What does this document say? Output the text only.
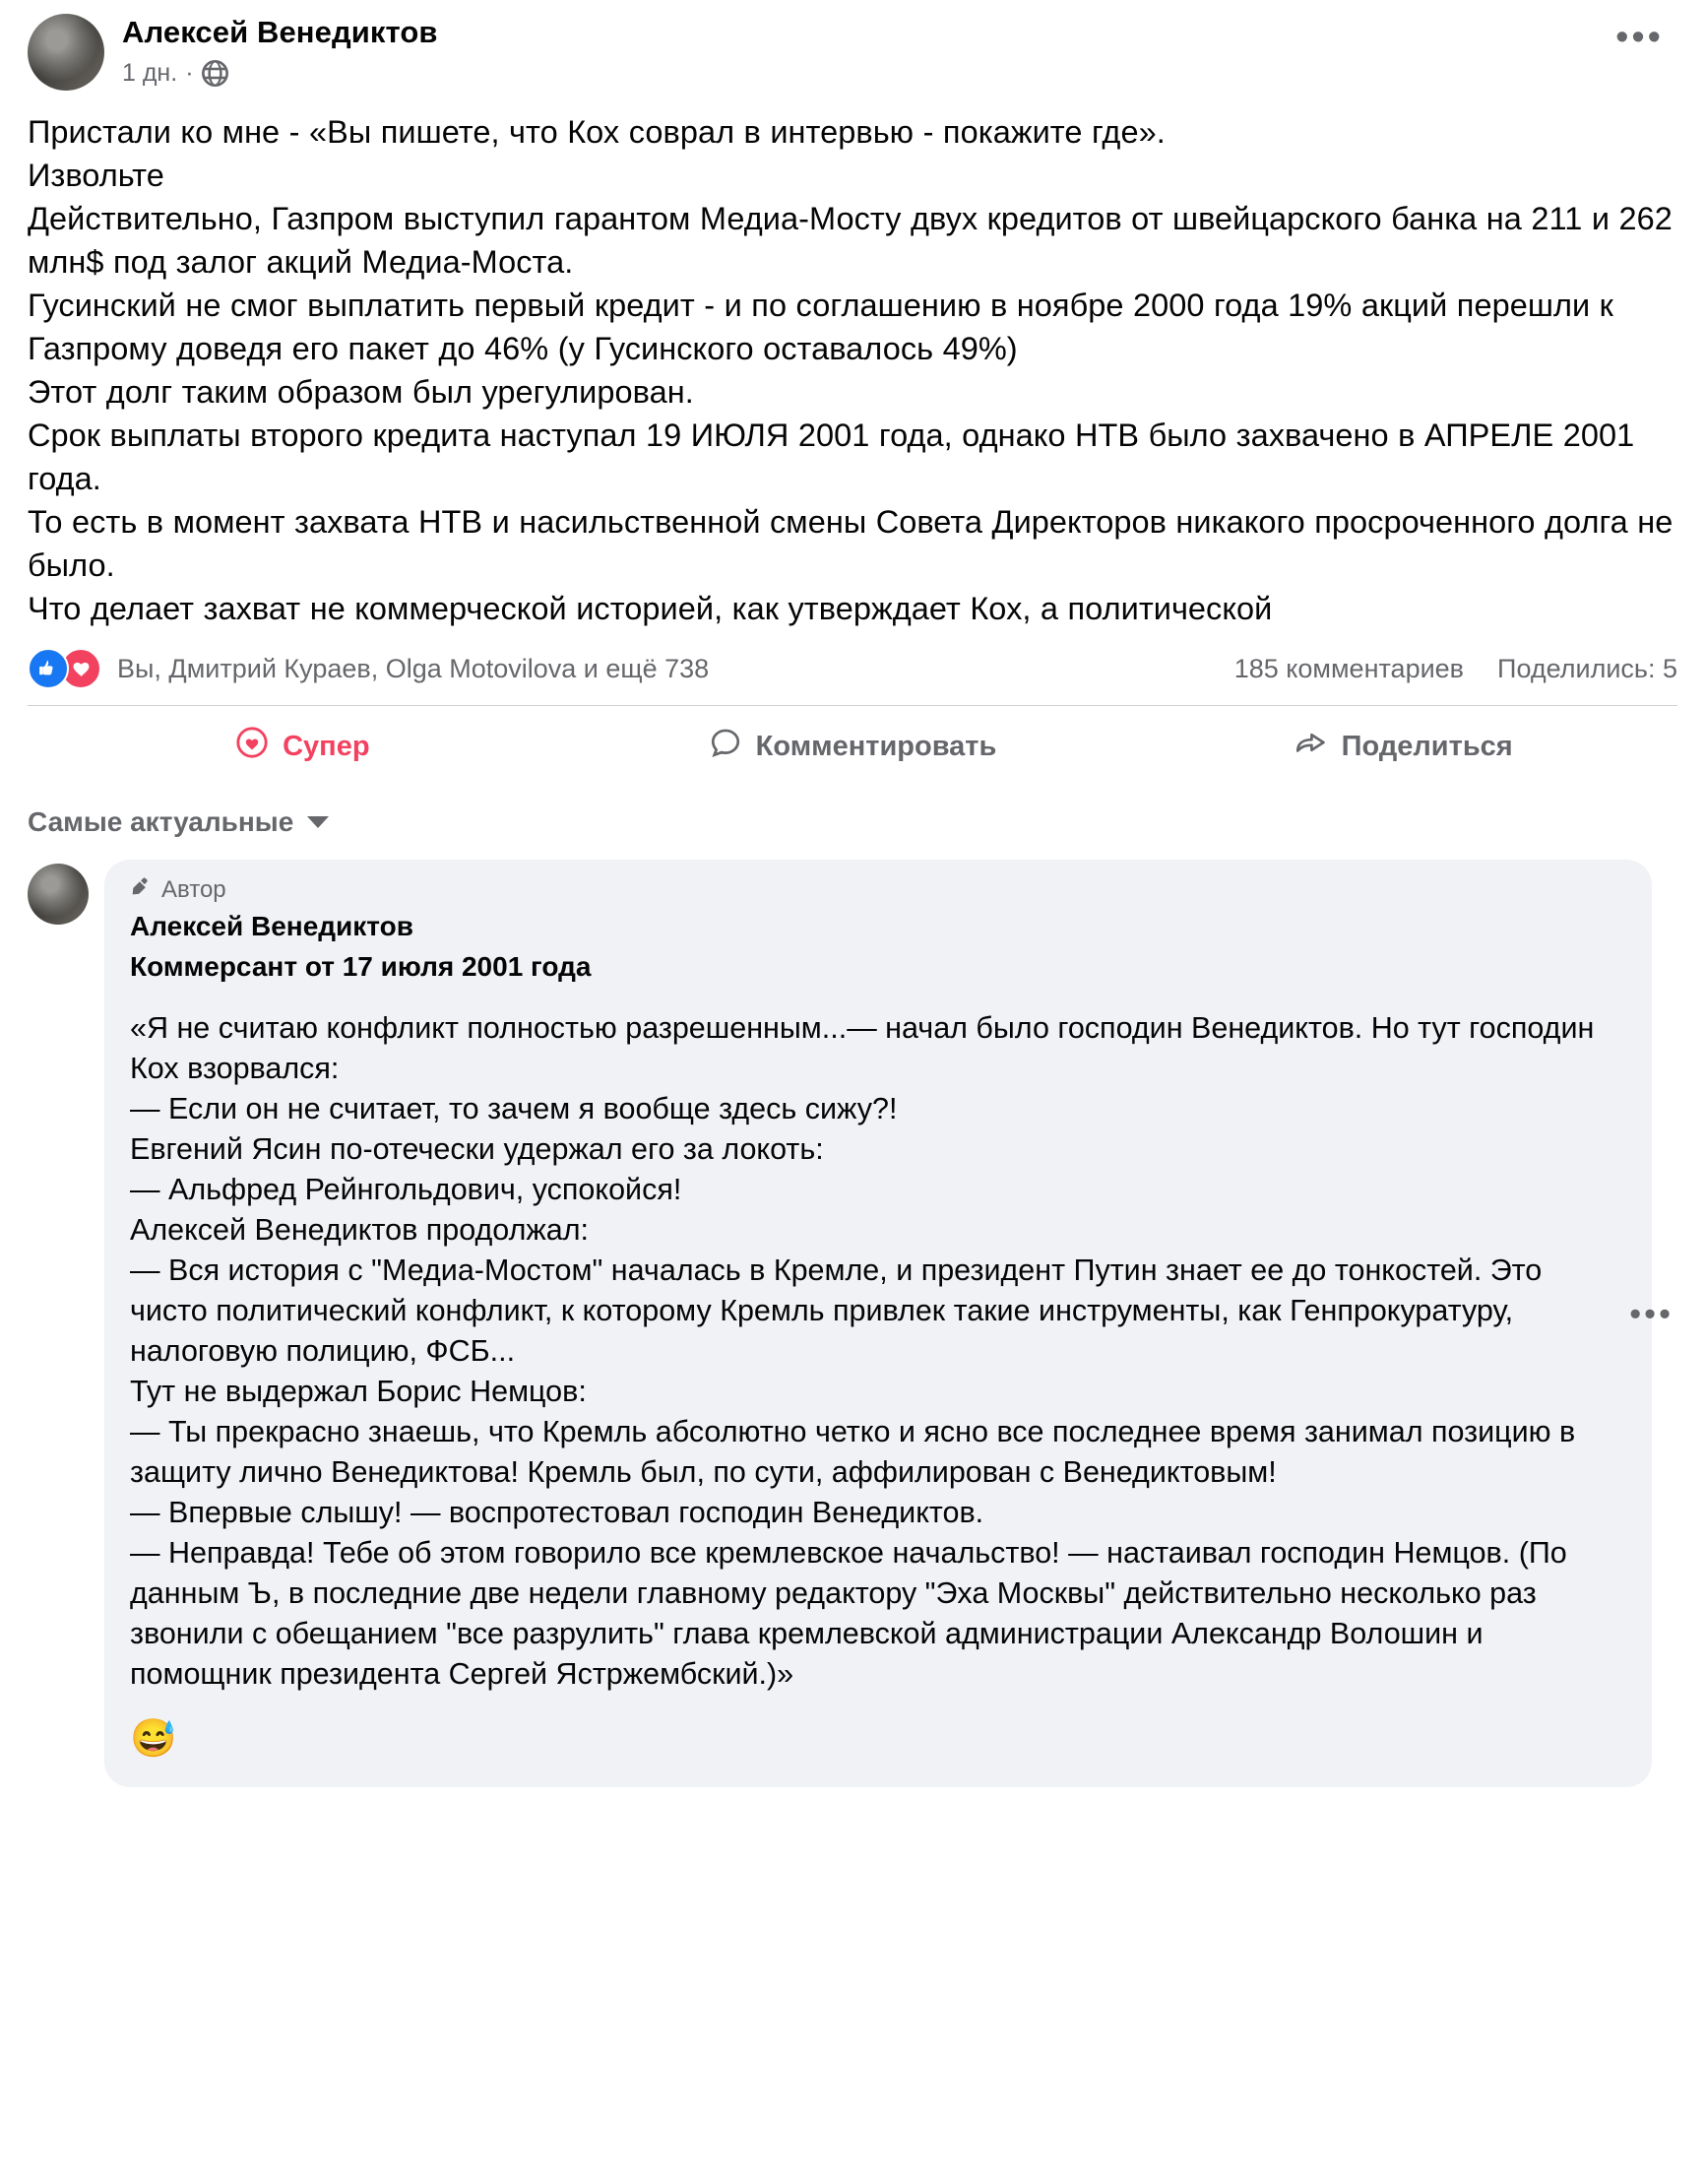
Алексей Венедиктов
1 дн. ·
•••

Пристали ко мне - «Вы пишете, что Кох соврал в интервью - покажите где».

Извольте

Действительно, Газпром выступил гарантом Медиа-Мосту двух кредитов от швейцарского банка на 211 и 262 млн$ под залог акций Медиа-Моста.

Гусинский не смог выплатить первый кредит - и по соглашению в ноябре 2000 года 19% акций перешли к Газпрому доведя его пакет до 46% (у Гусинского оставалось 49%)

Этот долг таким образом был урегулирован.

Срок выплаты второго кредита наступал 19 ИЮЛЯ 2001 года, однако НТВ было захвачено в АПРЕЛЕ 2001 года.

То есть в момент захвата НТВ и насильственной смены Совета Директоров никакого просроченного долга не было.

Что делает захват не коммерческой историей, как утверждает Кох, а политической

Вы, Дмитрий Кураев, Olga Motovilova и ещё 738	185 комментариев Поделились: 5
Супер	Комментировать	Поделиться
Самые актуальные
Автор
Алексей Венедиктов
Коммерсант от 17 июля 2001 года

«Я не считаю конфликт полностью разрешенным...— начал было господин Венедиктов. Но тут господин Кох взорвался:

— Если он не считает, то зачем я вообще здесь сижу?!

Евгений Ясин по-отечески удержал его за локоть:

— Альфред Рейнгольдович, успокойся!

Алексей Венедиктов продолжал:

— Вся история с "Медиа-Мостом" началась в Кремле, и президент Путин знает ее до тонкостей. Это чисто политический конфликт, к которому Кремль привлек такие инструменты, как Генпрокуратуру, налоговую полицию, ФСБ...

Тут не выдержал Борис Немцов:

— Ты прекрасно знаешь, что Кремль абсолютно четко и ясно все последнее время занимал позицию в защиту лично Венедиктова! Кремль был, по сути, аффилирован с Венедиктовым!

— Впервые слышу! — воспротестовал господин Венедиктов.

— Неправда! Тебе об этом говорило все кремлевское начальство! — настаивал господин Немцов. (По данным Ъ, в последние две недели главному редактору "Эха Москвы" действительно несколько раз звонили с обещанием "все разрулить" глава кремлевской администрации Александр Волошин и помощник президента Сергей Ястржембский.)»

😅
•••
